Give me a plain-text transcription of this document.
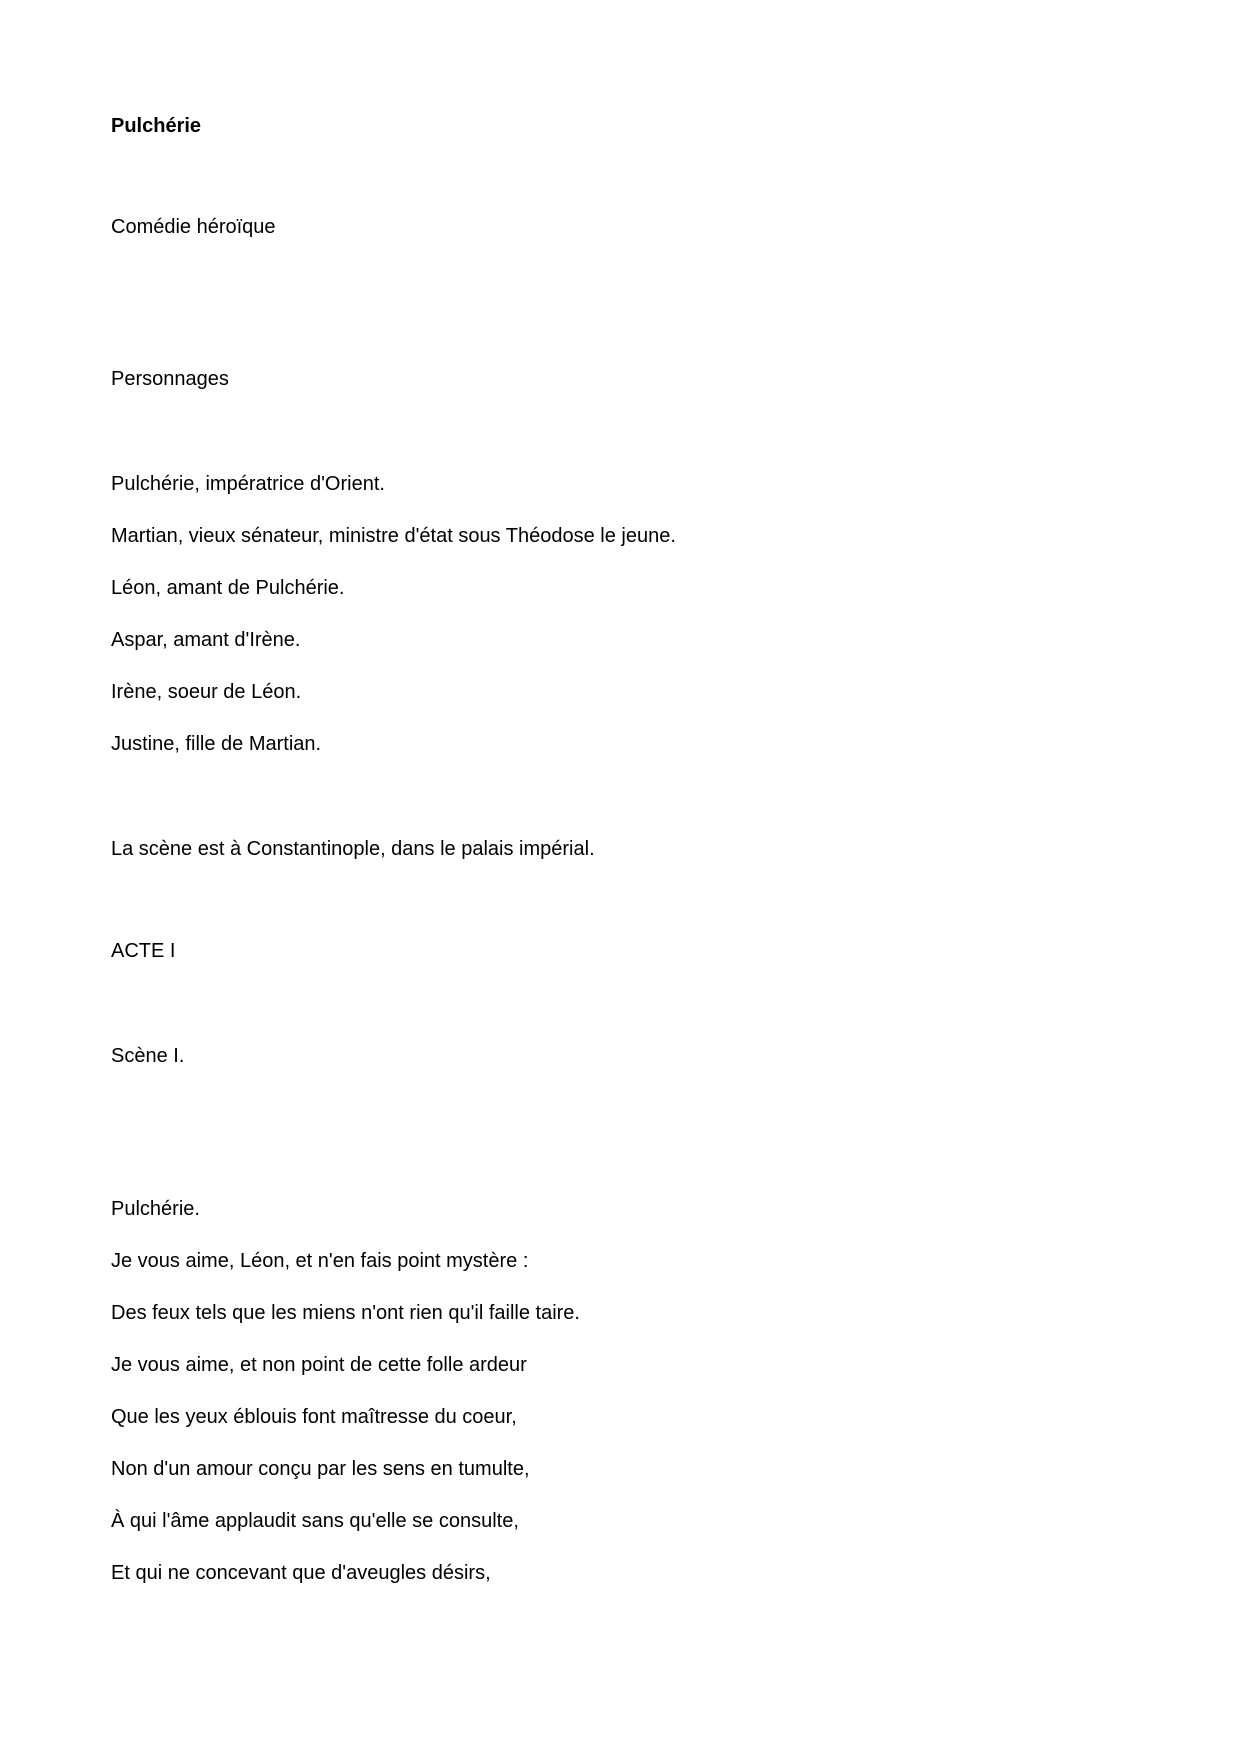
Pulchérie
Comédie héroïque
Personnages
Pulchérie, impératrice d'Orient.
Martian, vieux sénateur, ministre d'état sous Théodose le jeune.
Léon, amant de Pulchérie.
Aspar, amant d'Irène.
Irène, soeur de Léon.
Justine, fille de Martian.
La scène est à Constantinople, dans le palais impérial.
ACTE I
Scène I.
Pulchérie.
Je vous aime, Léon, et n'en fais point mystère :
Des feux tels que les miens n'ont rien qu'il faille taire.
Je vous aime, et non point de cette folle ardeur
Que les yeux éblouis font maîtresse du coeur,
Non d'un amour conçu par les sens en tumulte,
À qui l'âme applaudit sans qu'elle se consulte,
Et qui ne concevant que d'aveugles désirs,
